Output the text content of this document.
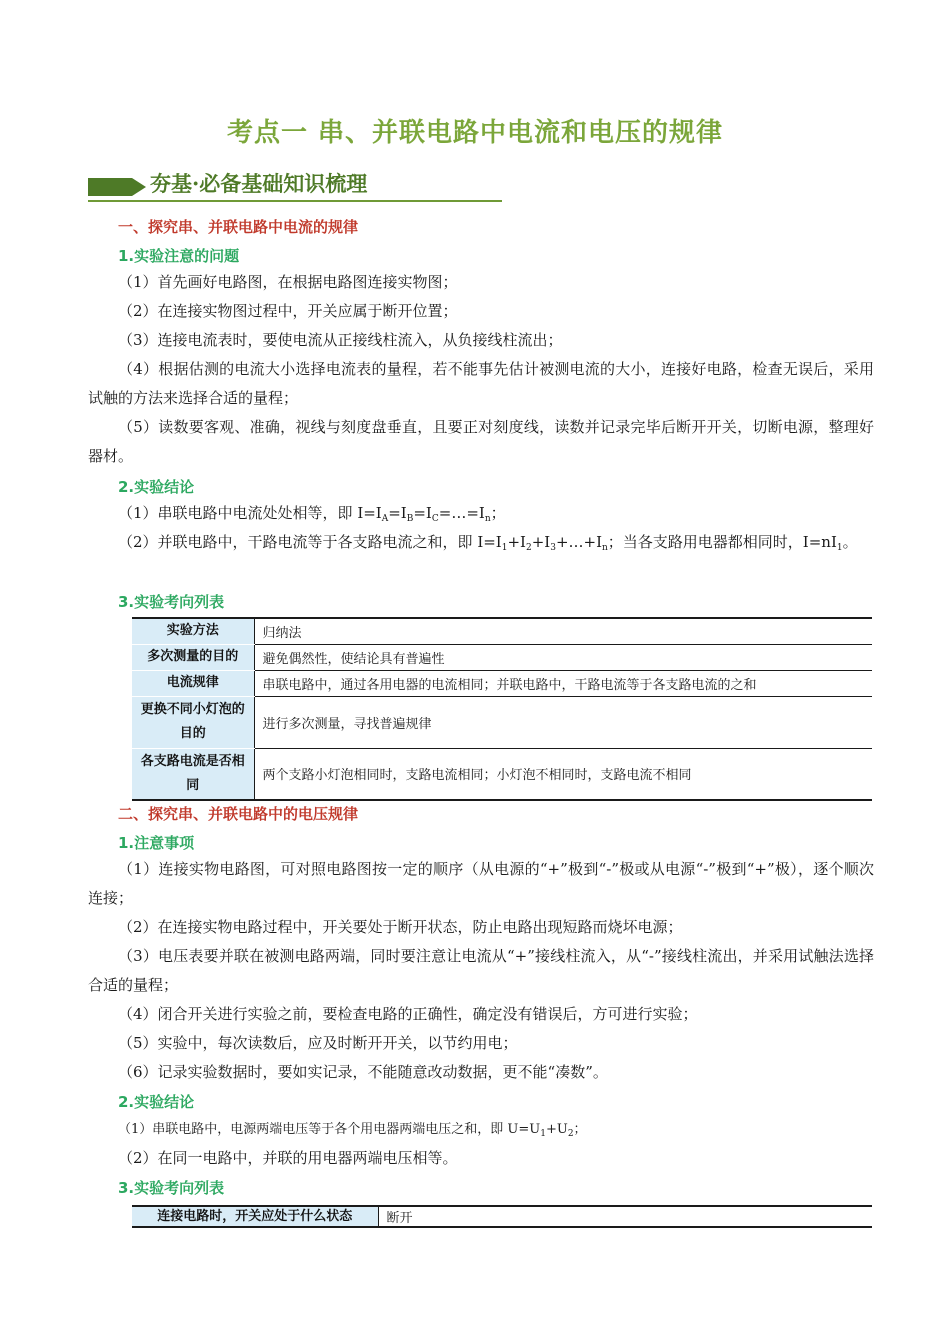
考点一 串、并联电路中电流和电压的规律
夯基·必备基础知识梳理
一、探究串、并联电路中电流的规律
1.实验注意的问题
（1）首先画好电路图，在根据电路图连接实物图；
（2）在连接实物图过程中，开关应属于断开位置；
（3）连接电流表时，要使电流从正接线柱流入，从负接线柱流出；
（4）根据估测的电流大小选择电流表的量程，若不能事先估计被测电流的大小，连接好电路，检查无误后，采用试触的方法来选择合适的量程；
（5）读数要客观、准确，视线与刻度盘垂直，且要正对刻度线，读数并记录完毕后断开开关，切断电源，整理好器材。
2.实验结论
（1）串联电路中电流处处相等，即 $I=I_A=I_B=I_C=\dots=I_n$；
（2）并联电路中，干路电流等于各支路电流之和，即 $I=I_1+I_2+I_3+\dots+I_n$；当各支路用电器都相同时，$I=nI_1$。
3.实验考向列表
实验方法	归纳法
多次测量的目的	避免偶然性，使结论具有普遍性
电流规律	串联电路中，通过各用电器的电流相同；并联电路中，干路电流等于各支路电流的之和
更换不同小灯泡的目的	进行多次测量，寻找普遍规律
各支路电流是否相同	两个支路小灯泡相同时，支路电流相同；小灯泡不相同时，支路电流不相同
二、探究串、并联电路中的电压规律
1.注意事项
（1）连接实物电路图，可对照电路图按一定的顺序（从电源的“+”极到“-”极或从电源“-”极到“+”极），逐个顺次连接；
（2）在连接实物电路过程中，开关要处于断开状态，防止电路出现短路而烧坏电源；
（3）电压表要并联在被测电路两端，同时要注意让电流从“+”接线柱流入，从“-”接线柱流出，并采用试触法选择合适的量程；
（4）闭合开关进行实验之前，要检查电路的正确性，确定没有错误后，方可进行实验；
（5）实验中，每次读数后，应及时断开开关，以节约用电；
（6）记录实验数据时，要如实记录，不能随意改动数据，更不能“凑数”。
2.实验结论
（1）串联电路中，电源两端电压等于各个用电器两端电压之和，即 $U=U_1+U_2$；
（2）在同一电路中，并联的用电器两端电压相等。
3.实验考向列表
连接电路时，开关应处于什么状态	断开
